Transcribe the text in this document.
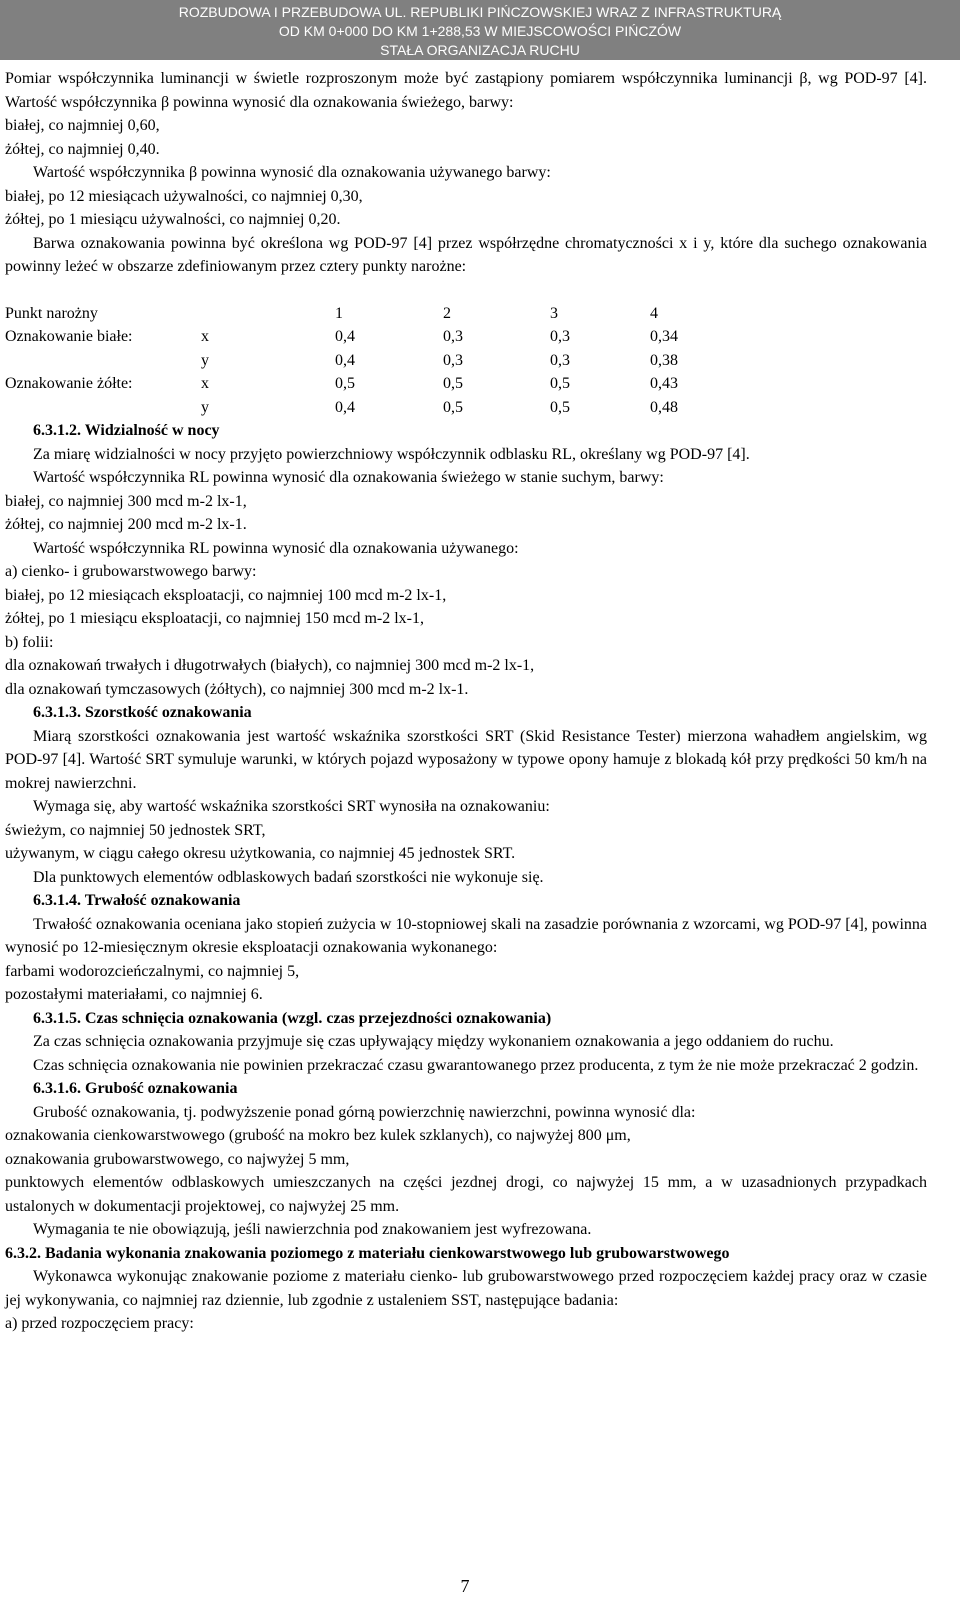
ROZBUDOWA I PRZEBUDOWA UL. REPUBLIKI PIŃCZOWSKIEJ WRAZ Z INFRASTRUKTURĄ
OD KM 0+000 DO KM 1+288,53 W MIEJSCOWOŚCI PIŃCZÓW
STAŁA ORGANIZACJA RUCHU

Pomiar współczynnika luminancji w świetle rozproszonym może być zastąpiony pomiarem współczynnika luminancji β, wg POD-97 [4]. Wartość współczynnika β powinna wynosić dla oznakowania świeżego, barwy:

białej, co najmniej 0,60,

żółtej, co najmniej 0,40.

Wartość współczynnika β powinna wynosić dla oznakowania używanego barwy:

białej, po 12 miesiącach używalności, co najmniej 0,30,

żółtej, po 1 miesiącu używalności, co najmniej 0,20.

Barwa oznakowania powinna być określona wg POD-97 [4] przez współrzędne chromatyczności x i y, które dla suchego oznakowania powinny leżeć w obszarze zdefiniowanym przez cztery punkty narożne:

Punkt narożny		1	2	3	4
Oznakowanie białe:	x	0,4	0,3	0,3	0,34
	y	0,4	0,3	0,3	0,38
Oznakowanie żółte:	x	0,5	0,5	0,5	0,43
	y	0,4	0,5	0,5	0,48

6.3.1.2. Widzialność w nocy

Za miarę widzialności w nocy przyjęto powierzchniowy współczynnik odblasku RL, określany wg POD-97 [4].

Wartość współczynnika RL powinna wynosić dla oznakowania świeżego w stanie suchym, barwy:

białej, co najmniej 300 mcd m-2 lx-1,

żółtej, co najmniej 200 mcd m-2 lx-1.

Wartość współczynnika RL powinna wynosić dla oznakowania używanego:

a) cienko- i grubowarstwowego barwy:

białej, po 12 miesiącach eksploatacji, co najmniej 100 mcd m-2 lx-1,

żółtej, po 1 miesiącu eksploatacji, co najmniej 150 mcd m-2 lx-1,

b) folii:

dla oznakowań trwałych i długotrwałych (białych), co najmniej 300 mcd m-2 lx-1,

dla oznakowań tymczasowych (żółtych), co najmniej 300 mcd m-2 lx-1.

6.3.1.3. Szorstkość oznakowania

Miarą szorstkości oznakowania jest wartość wskaźnika szorstkości SRT (Skid Resistance Tester) mierzona wahadłem angielskim, wg POD-97 [4]. Wartość SRT symuluje warunki, w których pojazd wyposażony w typowe opony hamuje z blokadą kół przy prędkości 50 km/h na mokrej nawierzchni.

Wymaga się, aby wartość wskaźnika szorstkości SRT wynosiła na oznakowaniu:

świeżym, co najmniej 50 jednostek SRT,

używanym, w ciągu całego okresu użytkowania, co najmniej 45 jednostek SRT.

Dla punktowych elementów odblaskowych badań szorstkości nie wykonuje się.

6.3.1.4. Trwałość oznakowania

Trwałość oznakowania oceniana jako stopień zużycia w 10-stopniowej skali na zasadzie porównania z wzorcami, wg POD-97 [4], powinna wynosić po 12-miesięcznym okresie eksploatacji oznakowania wykonanego:

farbami wodorozcieńczalnymi, co najmniej 5,

pozostałymi materiałami, co najmniej 6.

6.3.1.5. Czas schnięcia oznakowania (wzgl. czas przejezdności oznakowania)

Za czas schnięcia oznakowania przyjmuje się czas upływający między wykonaniem oznakowania a jego oddaniem do ruchu.

Czas schnięcia oznakowania nie powinien przekraczać czasu gwarantowanego przez producenta, z tym że nie może przekraczać 2 godzin.

6.3.1.6. Grubość oznakowania

Grubość oznakowania, tj. podwyższenie ponad górną powierzchnię nawierzchni, powinna wynosić dla:

oznakowania cienkowarstwowego (grubość na mokro bez kulek szklanych), co najwyżej 800 μm,

oznakowania grubowarstwowego, co najwyżej 5 mm,

punktowych elementów odblaskowych umieszczanych na części jezdnej drogi, co najwyżej 15 mm, a w uzasadnionych przypadkach ustalonych w dokumentacji projektowej, co najwyżej 25 mm.

Wymagania te nie obowiązują, jeśli nawierzchnia pod znakowaniem jest wyfrezowana.

6.3.2. Badania wykonania znakowania poziomego z materiału cienkowarstwowego lub grubowarstwowego

Wykonawca wykonując znakowanie poziome z materiału cienko- lub grubowarstwowego przed rozpoczęciem każdej pracy oraz w czasie jej wykonywania, co najmniej raz dziennie, lub zgodnie z ustaleniem SST, następujące badania:

a) przed rozpoczęciem pracy:

7
